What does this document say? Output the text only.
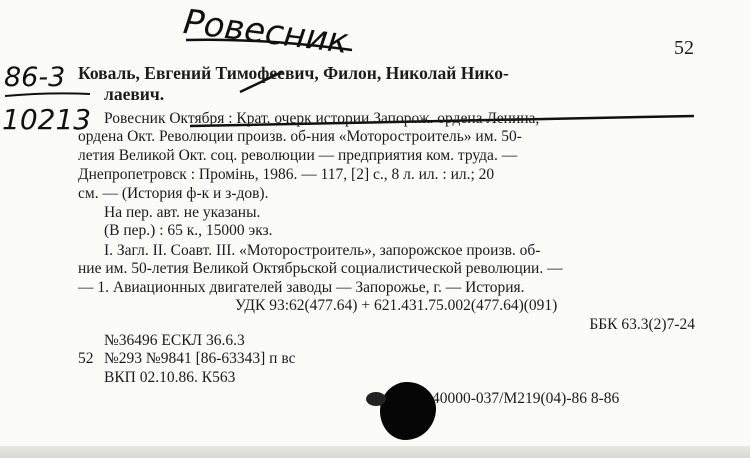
Ровесник
86-3
10213
52
Коваль, Евгений Тимофеевич, Филон, Николай Нико-
лаевич.
Ровесник Октября : Крат. очерк истории Запорож. ордена Ленина,
ордена Окт. Революции произв. об-ния «Моторостроитель» им. 50-
летия Великой Окт. соц. революции — предприятия ком. труда. —
Днепропетровск : Промінь, 1986. — 117, [2] с., 8 л. ил. : ил.; 20
см. — (История ф-к и з-дов).
На пер. авт. не указаны.
(В пер.) : 65 к., 15000 экз.
I. Загл. II. Соавт. III. «Моторостроитель», запорожское произв. об-
ние им. 50-летия Великой Октябрьской социалистической революции. —
— 1. Авиационных двигателей заводы — Запорожье, г. — История.
УДК 93:62(477.64) + 621.431.75.002(477.64)(091)
ББК 63.3(2)7-24
№36496 ЕСКЛ 36.6.3
52 №293 №9841 [86-63343] п вс
ВКП 02.10.86. К563
40000-037/М219(04)-86 8-86
